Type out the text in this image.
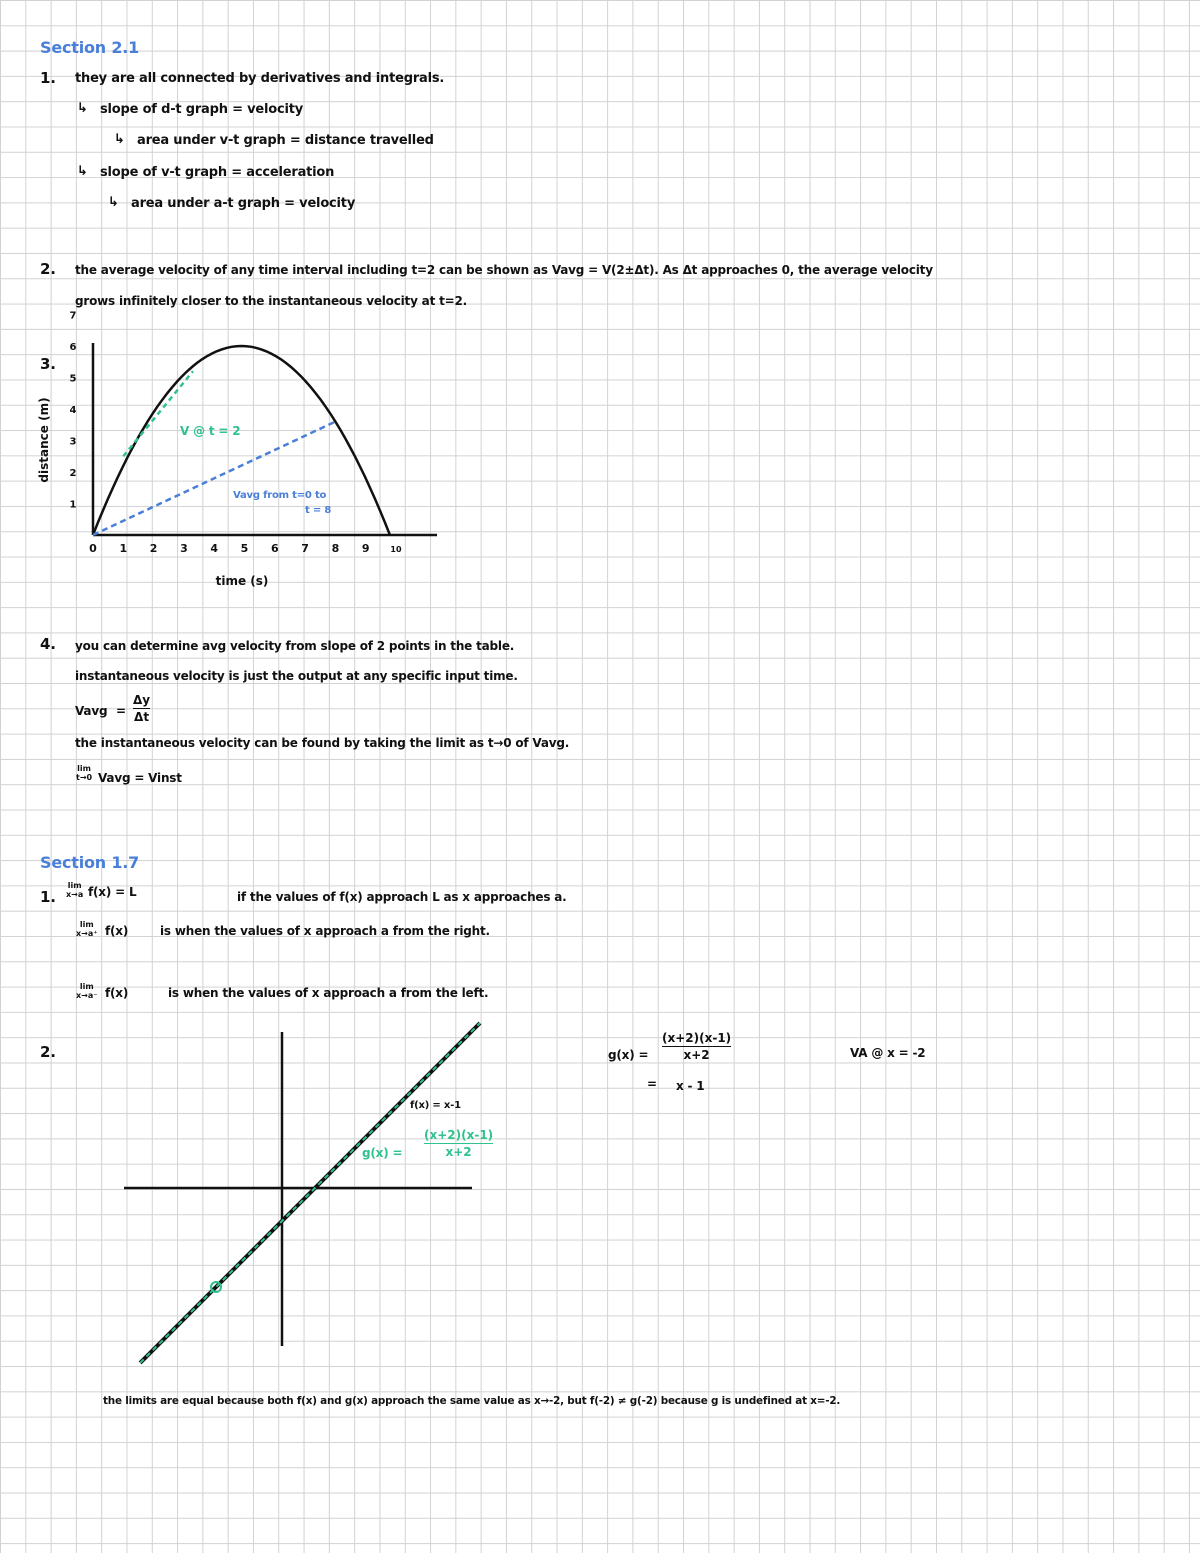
Section 2.1
1. they are all connected by derivatives and integrals.
↳ slope of d-t graph = velocity
↳ area under v-t graph = distance travelled
↳ slope of v-t graph = acceleration
↳ area under a-t graph = velocity
2. the average velocity of any time interval including t=2 can be shown as Vavg = V(2±Δt). As Δt approaches 0, the average velocity
grows infinitely closer to the instantaneous velocity at t=2.
3.
0 1 2 3 4 5 6 7 8 9	10
1
2
3
4
5
6
7
time (s)
distance (m)	V @ t = 2
Vavg from t=0 to
t = 8
4. you can determine avg velocity from slope of 2 points in the table.
instantaneous velocity is just the output at any specific input time.
Vavg =
Δy
Δt
the instantaneous velocity can be found by taking the limit as t→0 of Vavg.
lim
t→0 Vavg = Vinst
Section 1.7
1.
lim
x→a f(x) = L	if the values of f(x) approach L as x approaches a.
lim
x→a⁺ f(x)	is when the values of x approach a from the right.
lim
x→a⁻ f(x)	is when the values of x approach a from the left.
2.
f(x) = x-1
g(x) =
(x+2)(x-1)
x+2
g(x) =
(x+2)(x-1)
x+2
= x - 1
VA @ x = -2
the limits are equal because both f(x) and g(x) approach the same value as x→-2, but f(-2) ≠ g(-2) because g is undefined at x=-2.
